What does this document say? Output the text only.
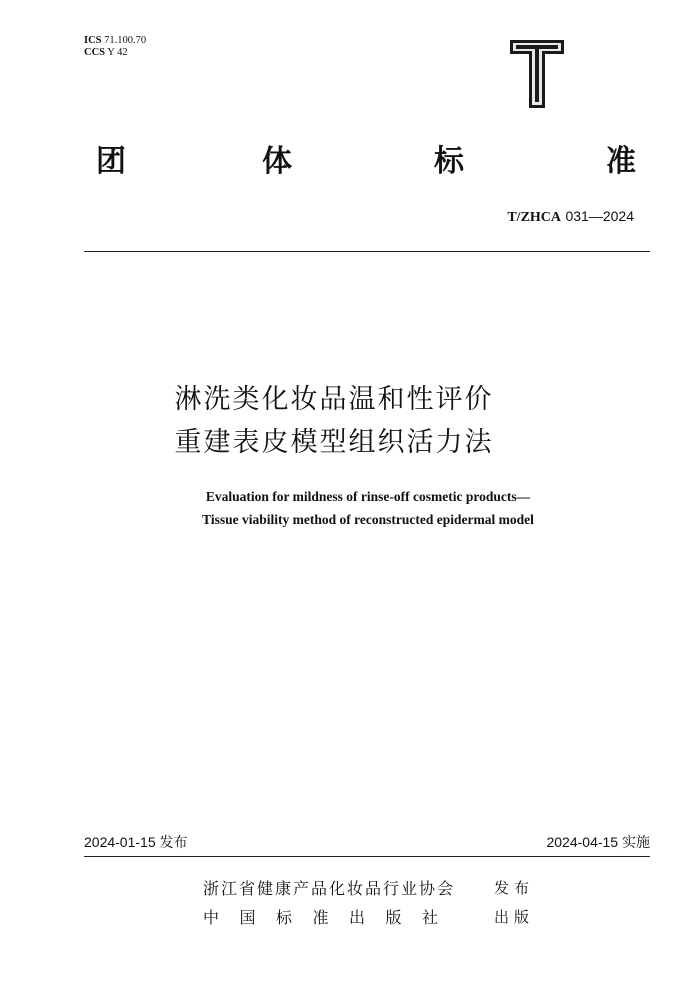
ICS 71.100.70
CCS Y 42
团	体	标	准
T/ZHCA 031—2024
淋洗类化妆品温和性评价
重建表皮模型组织活力法
Evaluation for mildness of rinse-off cosmetic products—
Tissue viability method of reconstructed epidermal model
2024-01-15 发布	2024-04-15 实施
浙江省健康产品化妆品行业协会	发布
中国标准出版社 出版
